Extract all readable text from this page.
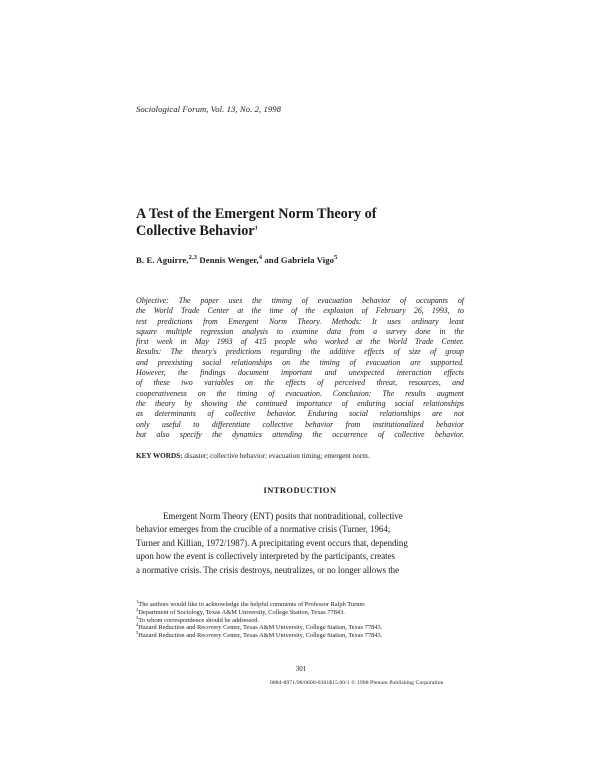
Sociological Forum, Vol. 13, No. 2, 1998
A Test of the Emergent Norm Theory of
Collective Behavior$^1$
B. E. Aguirre,$^{2,3}$ Dennis Wenger,$^4$ and Gabriela Vigo$^5$
Objective: The paper uses the timing of evacuation behavior of occupants of
the World Trade Center at the time of the explosion of February 26, 1993, to
test predictions from Emergent Norm Theory. Methods: It uses ordinary least
square multiple regression analysis to examine data from a survey done in the
first week in May 1993 of 415 people who worked at the World Trade Center.
Results: The theory's predictions regarding the additive effects of size of group
and preexisting social relationships on the timing of evacuation are supported.
However, the findings document important and unexpected interaction effects
of these two variables on the effects of perceived threat, resources, and
cooperativeness on the timing of evacuation. Conclusion: The results augment
the theory by showing the continued importance of enduring social relationships
as determinants of collective behavior. Enduring social relationships are not
only useful to differentiate collective behavior from institutionalized behavior
but also specify the dynamics attending the occurrence of collective behavior.
KEY WORDS: disaster; collective behavior; evacuation timing; emergent norm.
INTRODUCTION
Emergent Norm Theory (ENT) posits that nontraditional, collective
behavior emerges from the crucible of a normative crisis (Turner, 1964;
Turner and Killian, 1972/1987). A precipitating event occurs that, depending
upon how the event is collectively interpreted by the participants, creates
a normative crisis. The crisis destroys, neutralizes, or no longer allows the
$^1$The authors would like to acknowledge the helpful comments of Professor Ralph Turner.
$^2$Department of Sociology, Texas A&M University, College Station, Texas 77843.
$^3$To whom correspondence should be addressed.
$^4$Hazard Reduction and Recovery Center, Texas A&M University, College Station, Texas 77843.
$^5$Hazard Reduction and Recovery Center, Texas A&M University, College Station, Texas 77843.
301
0884-8971/98/0600-0301$15.00/1 © 1998 Plenum Publishing Corporation
